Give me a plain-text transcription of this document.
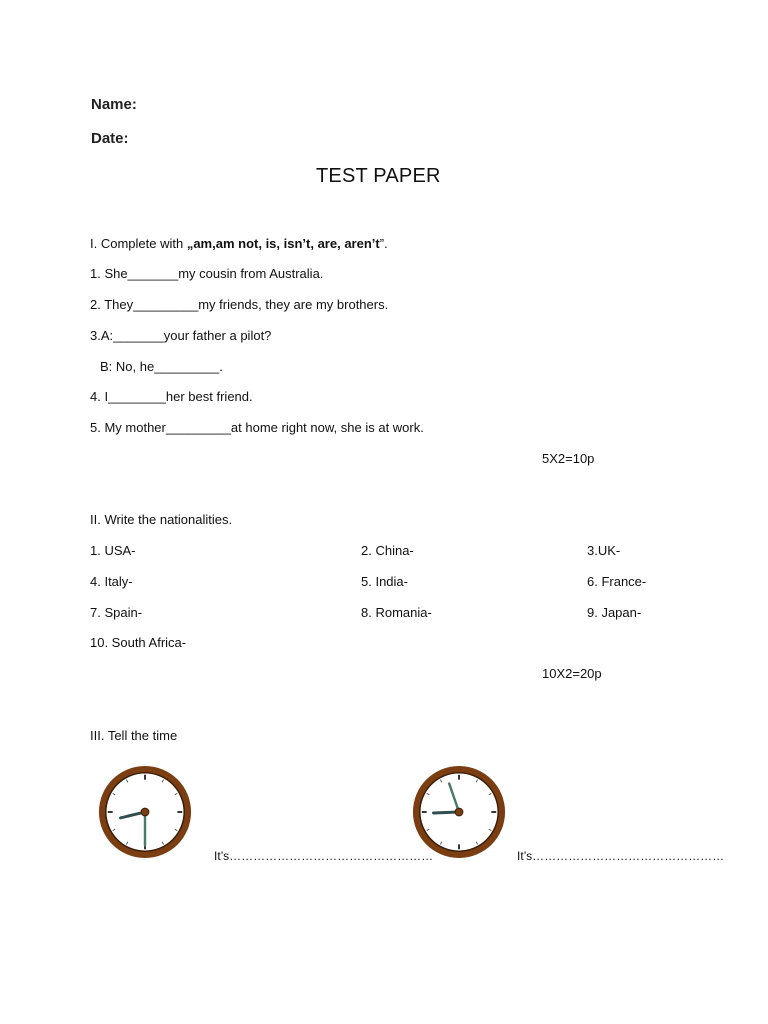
Name:
Date:
TEST PAPER
I. Complete with „am,am not, is, isn’t, are, aren’t”.
1. She_______my cousin from Australia.
2. They_________my friends, they are my brothers.
3.A:_______your father a pilot?
B: No, he_________.
4. I________her best friend.
5. My mother_________at home right now, she is at work.
5X2=10p
II. Write the nationalities.
1. USA-
4. Italy-
7. Spain-
10. South Africa-
2. China-
5. India-
8. Romania-
3.UK-
6. France-
9. Japan-
10X2=20p
III. Tell the time
It’s……………………………………………	It’s…………………………………………
